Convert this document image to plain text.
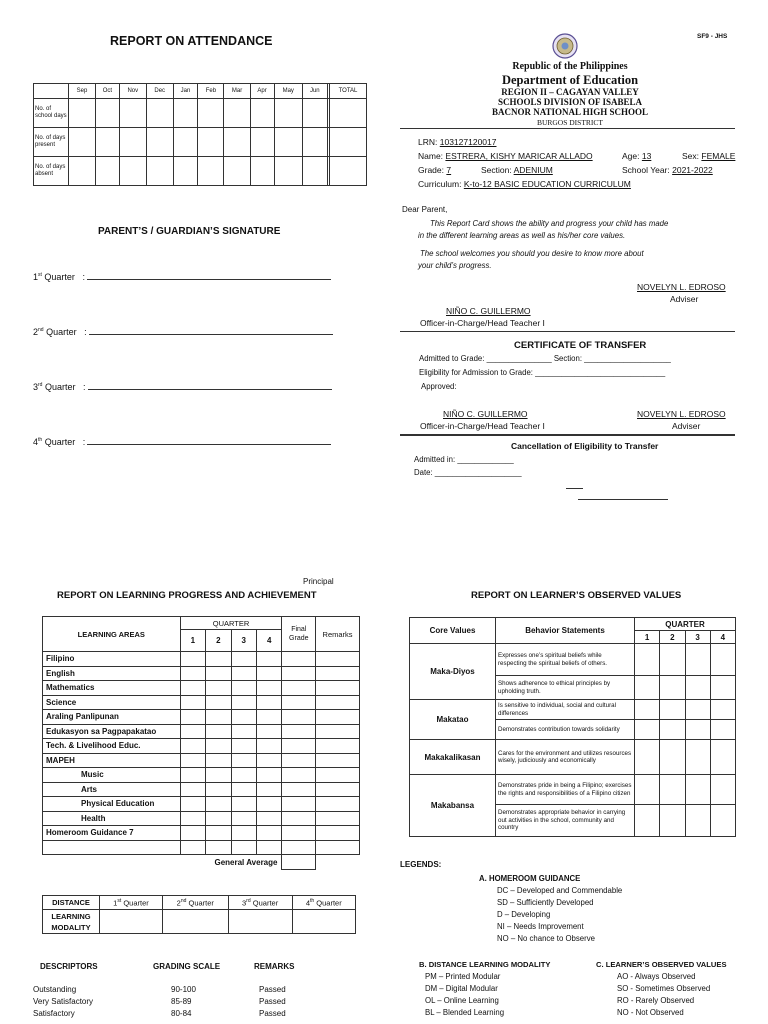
REPORT ON ATTENDANCE
	Sep	Oct	Nov	Dec	Jan	Feb	Mar	Apr	May	Jun		TOTAL
No. of school days												
No. of days present												
No. of days absent												
PARENT’S / GUARDIAN’S SIGNATURE
1st Quarter   :
2nd Quarter   :
3rd Quarter   :
4th Quarter   :
SF9 - JHS
Republic of the Philippines
Department of Education
REGION II – CAGAYAN VALLEY
SCHOOLS DIVISION OF ISABELA
BACNOR NATIONAL HIGH SCHOOL
BURGOS DISTRICT
LRN: 103127120017
Name: ESTRERA, KISHY MARICAR ALLADO	Age: 13	Sex: FEMALE
Grade: 7	Section: ADENIUM	School Year: 2021-2022
Curriculum: K-to-12 BASIC EDUCATION CURRICULUM
Dear Parent,
This Report Card shows the ability and progress your child has made
in the different learning areas as well as his/her core values.
The school welcomes you should you desire to know more about
your child’s progress.
NOVELYN L. EDROSO
Adviser
NIÑO C. GUILLERMO
Officer-in-Charge/Head Teacher I
CERTIFICATE OF TRANSFER
Admitted to Grade: _______________ Section: ____________________
Eligibility for Admission to Grade: ______________________________
Approved:
NIÑO C. GUILLERMO
Officer-in-Charge/Head Teacher I
NOVELYN L. EDROSO
Adviser
Cancellation of Eligibility to Transfer
Admitted in: _____________
Date: ____________________
Principal
REPORT ON LEARNING PROGRESS AND ACHIEVEMENT
LEARNING AREAS	QUARTER				Final Grade	Remarks
	1	2	3	4		
Filipino						
English						
Mathematics						
Science						
Araling Panlipunan						
Edukasyon sa Pagpapakatao						
Tech. & Livelihood Educ.						
MAPEH						
Music						
Arts						
Physical Education						
Health						
Homeroom Guidance 7						

General Average						
DISTANCE	1st Quarter	2nd Quarter	3rd Quarter	4th Quarter
LEARNING
MODALITY				
DESCRIPTORS	GRADING SCALE	REMARKS
Outstanding	90-100	Passed
Very Satisfactory	85-89	Passed
Satisfactory	80-84	Passed
REPORT ON LEARNER’S OBSERVED VALUES
Core Values	Behavior Statements	QUARTER			
		1	2	3	4
Maka-Diyos	Expresses one’s spiritual beliefs while respecting the spiritual beliefs of others.				
	Shows adherence to ethical principles by upholding truth.				
Makatao	Is sensitive to individual, social and cultural differences				
	Demonstrates contribution towards solidarity				
Makakalikasan	Cares for the environment and utilizes resources wisely, judiciously and economically				
Makabansa	Demonstrates pride in being a Filipino; exercises the rights and responsibilities of a Filipino citizen				
	Demonstrates appropriate behavior in carrying out activities in the school, community and country				
LEGENDS:
A. HOMEROOM GUIDANCE
DC – Developed and Commendable
SD – Sufficiently Developed
D – Developing
NI – Needs Improvement
NO – No chance to Observe
B. DISTANCE LEARNING MODALITY
PM – Printed Modular
DM – Digital Modular
OL – Online Learning
BL – Blended Learning
C. LEARNER’S OBSERVED VALUES
AO - Always Observed
SO - Sometimes Observed
RO - Rarely Observed
NO - Not Observed
